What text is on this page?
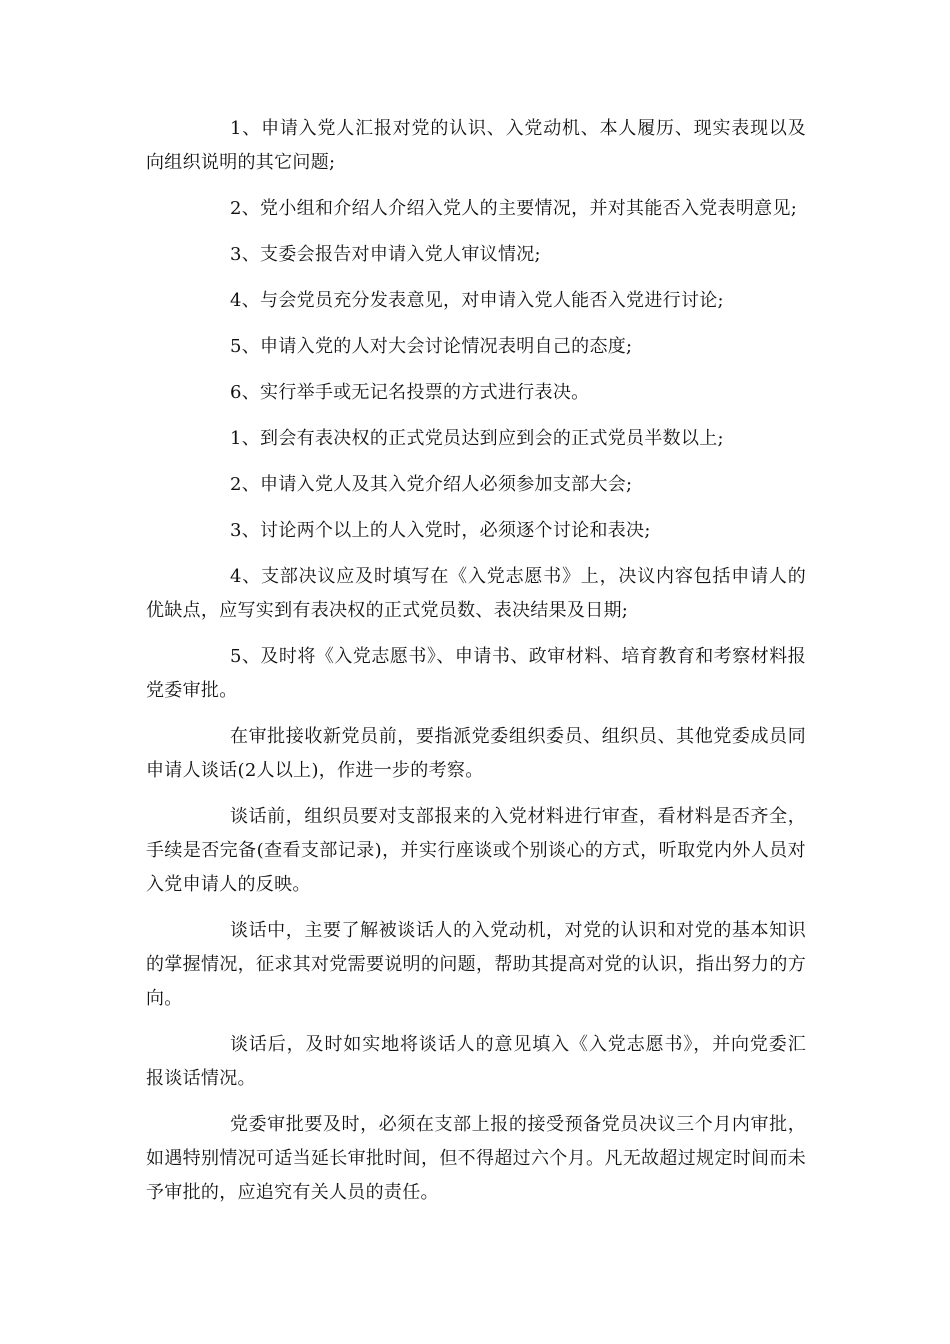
1、申请入党人汇报对党的认识、入党动机、本人履历、现实表现以及向组织说明的其它问题;

2、党小组和介绍人介绍入党人的主要情况，并对其能否入党表明意见;

3、支委会报告对申请入党人审议情况;

4、与会党员充分发表意见，对申请入党人能否入党进行讨论;

5、申请入党的人对大会讨论情况表明自己的态度;

6、实行举手或无记名投票的方式进行表决。

1、到会有表决权的正式党员达到应到会的正式党员半数以上;

2、申请入党人及其入党介绍人必须参加支部大会;

3、讨论两个以上的人入党时，必须逐个讨论和表决;

4、支部决议应及时填写在《入党志愿书》上，决议内容包括申请人的优缺点，应写实到有表决权的正式党员数、表决结果及日期;

5、及时将《入党志愿书》、申请书、政审材料、培育教育和考察材料报党委审批。

在审批接收新党员前，要指派党委组织委员、组织员、其他党委成员同申请人谈话(2人以上)，作进一步的考察。

谈话前，组织员要对支部报来的入党材料进行审查，看材料是否齐全，手续是否完备(查看支部记录)，并实行座谈或个别谈心的方式，听取党内外人员对入党申请人的反映。

谈话中，主要了解被谈话人的入党动机，对党的认识和对党的基本知识的掌握情况，征求其对党需要说明的问题，帮助其提高对党的认识，指出努力的方向。

谈话后，及时如实地将谈话人的意见填入《入党志愿书》，并向党委汇报谈话情况。

党委审批要及时，必须在支部上报的接受预备党员决议三个月内审批，如遇特别情况可适当延长审批时间，但不得超过六个月。凡无故超过规定时间而未予审批的，应追究有关人员的责任。
